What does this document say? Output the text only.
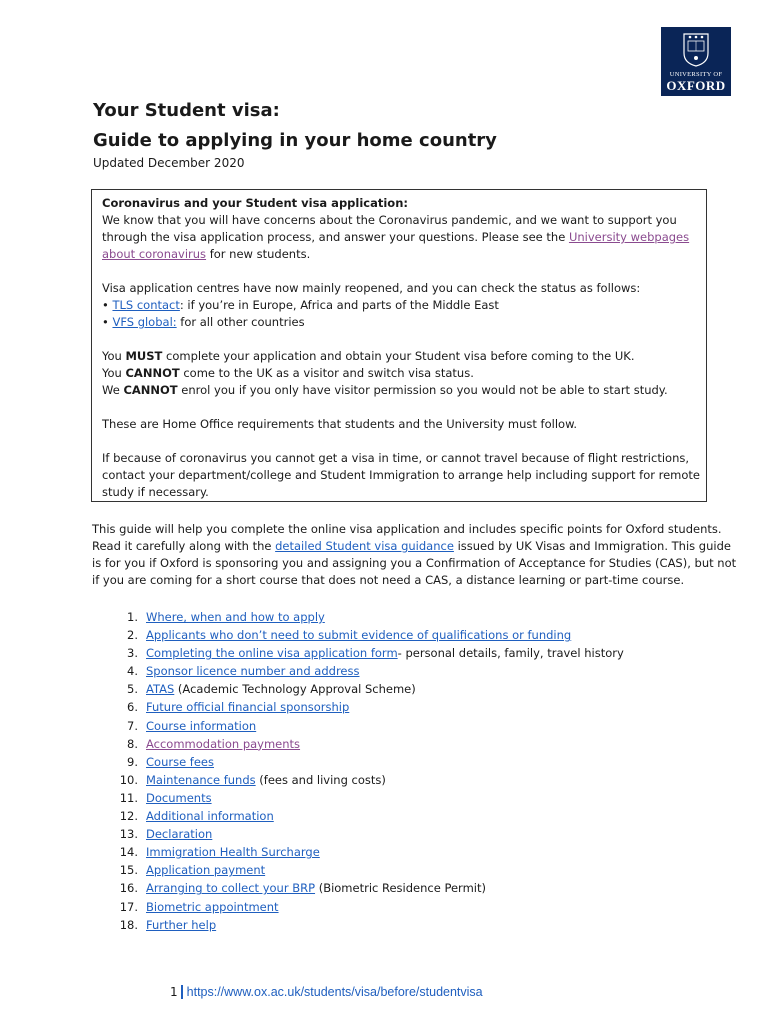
UNIVERSITY OF
OXFORD
Your Student visa:
Guide to applying in your home country
Updated December 2020

Coronavirus and your Student visa application:

We know that you will have concerns about the Coronavirus pandemic, and we want to support you through the visa application process, and answer your questions. Please see the University webpages about coronavirus for new students.

Visa application centres have now mainly reopened, and you can check the status as follows:

• TLS contact: if you’re in Europe, Africa and parts of the Middle East

• VFS global: for all other countries

You MUST complete your application and obtain your Student visa before coming to the UK.

You CANNOT come to the UK as a visitor and switch visa status.

We CANNOT enrol you if you only have visitor permission so you would not be able to start study.

These are Home Office requirements that students and the University must follow.

If because of coronavirus you cannot get a visa in time, or cannot travel because of flight restrictions, contact your department/college and Student Immigration to arrange help including support for remote study if necessary.

This guide will help you complete the online visa application and includes specific points for Oxford students. Read it carefully along with the detailed Student visa guidance issued by UK Visas and Immigration. This guide is for you if Oxford is sponsoring you and assigning you a Confirmation of Acceptance for Studies (CAS), but not if you are coming for a short course that does not need a CAS, a distance learning or part-time course.
1. Where, when and how to apply
2. Applicants who don’t need to submit evidence of qualifications or funding
3. Completing the online visa application form - personal details, family, travel history
4. Sponsor licence number and address
5. ATAS (Academic Technology Approval Scheme)
6. Future official financial sponsorship
7. Course information
8. Accommodation payments
9. Course fees
10. Maintenance funds (fees and living costs)
11. Documents
12. Additional information
13. Declaration
14. Immigration Health Surcharge
15. Application payment
16. Arranging to collect your BRP (Biometric Residence Permit)
17. Biometric appointment
18. Further help
1 https://www.ox.ac.uk/students/visa/before/studentvisa
